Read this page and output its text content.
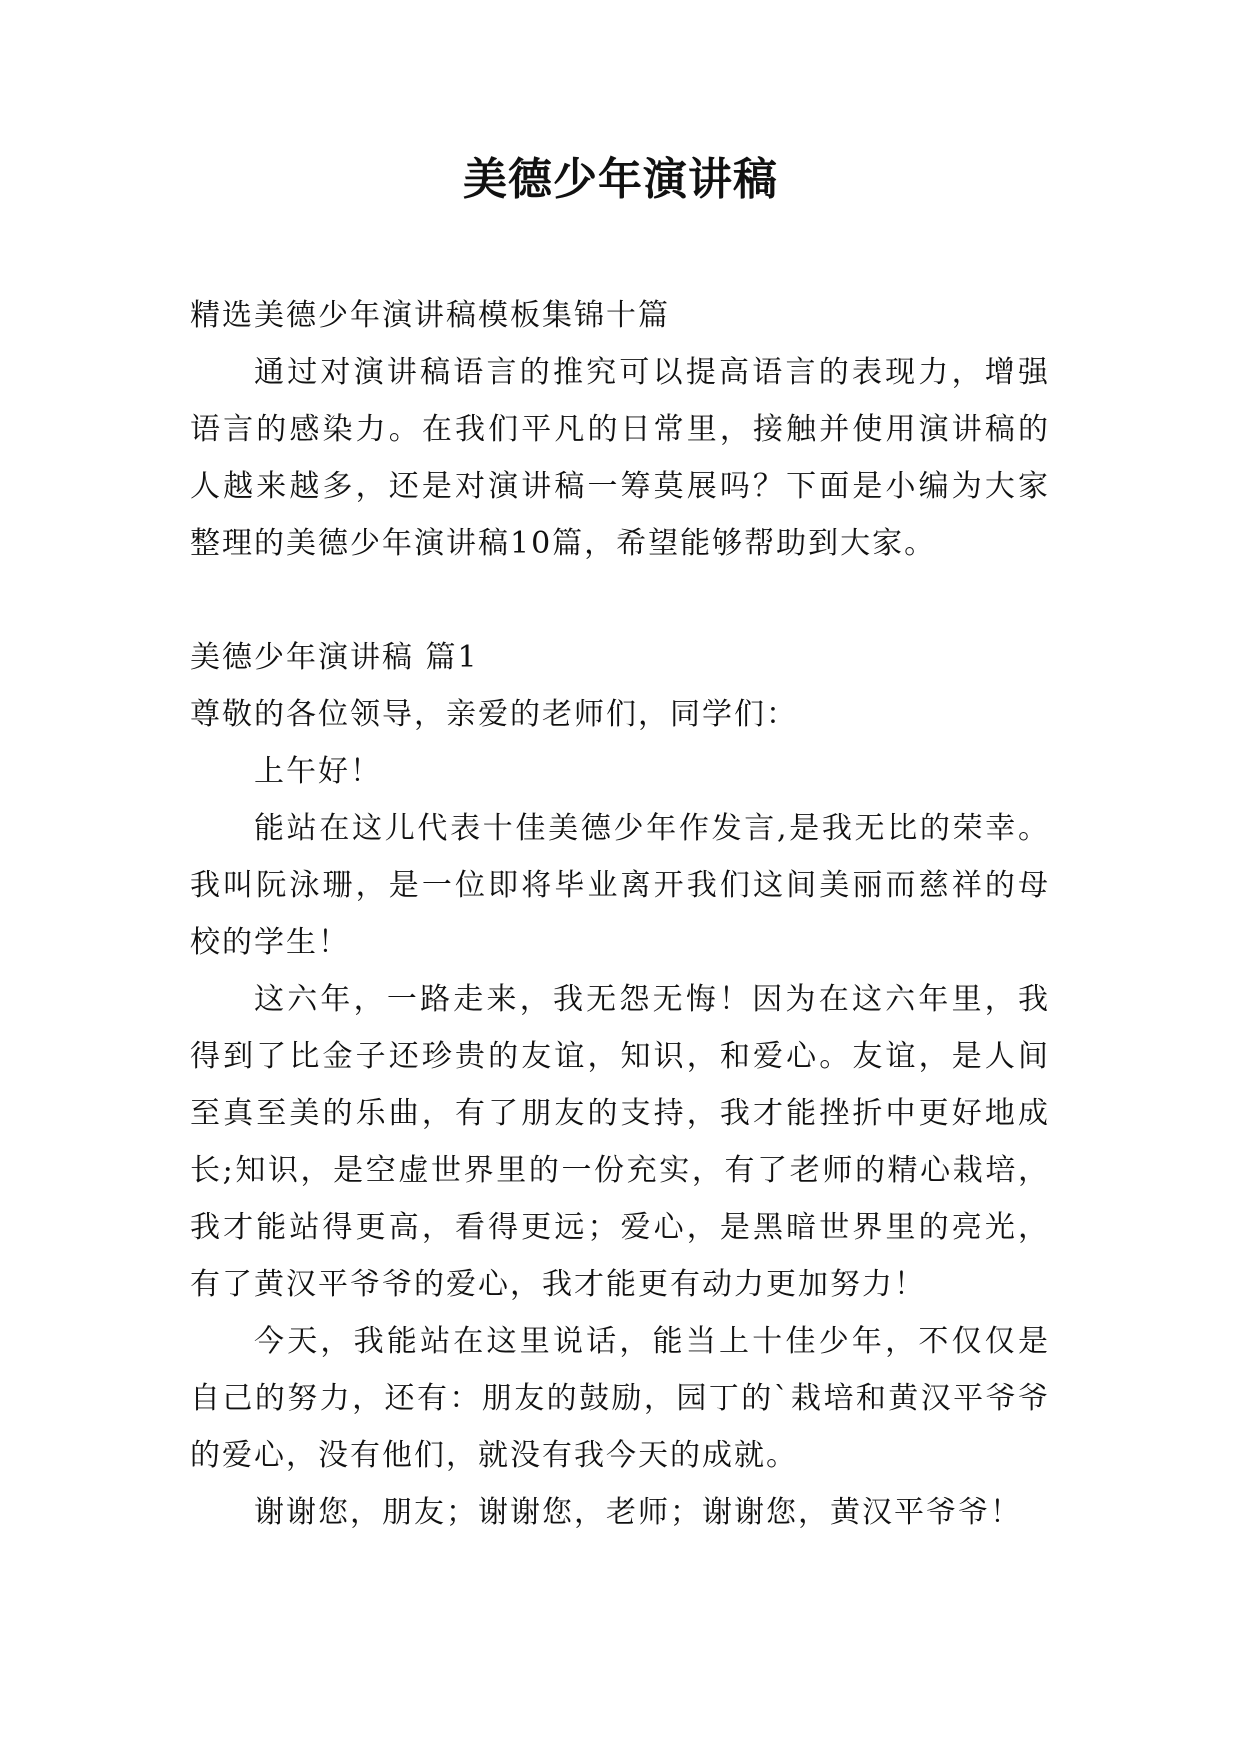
美德少年演讲稿

精选美德少年演讲稿模板集锦十篇

通过对演讲稿语言的推究可以提高语言的表现力，增强语言的感染力。在我们平凡的日常里，接触并使用演讲稿的人越来越多，还是对演讲稿一筹莫展吗？下面是小编为大家整理的美德少年演讲稿10篇，希望能够帮助到大家。

美德少年演讲稿 篇1

尊敬的各位领导，亲爱的老师们，同学们：

上午好！

能站在这儿代表十佳美德少年作发言,是我无比的荣幸。我叫阮泳珊，是一位即将毕业离开我们这间美丽而慈祥的母校的学生！

这六年，一路走来，我无怨无悔！因为在这六年里，我得到了比金子还珍贵的友谊，知识，和爱心。友谊，是人间至真至美的乐曲，有了朋友的支持，我才能挫折中更好地成长;知识，是空虚世界里的一份充实，有了老师的精心栽培，我才能站得更高，看得更远；爱心，是黑暗世界里的亮光，有了黄汉平爷爷的爱心，我才能更有动力更加努力！

今天，我能站在这里说话，能当上十佳少年，不仅仅是自己的努力，还有：朋友的鼓励，园丁的`栽培和黄汉平爷爷的爱心，没有他们，就没有我今天的成就。

谢谢您，朋友；谢谢您，老师；谢谢您，黄汉平爷爷！
